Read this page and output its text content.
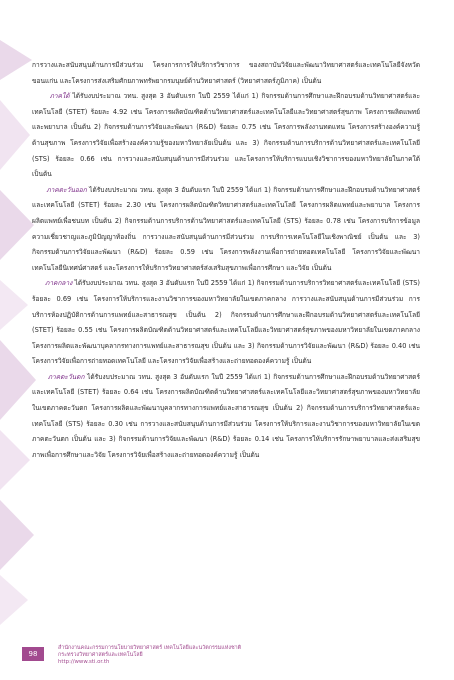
การวางและสนับสนุนด้านการมีส่วนร่วม โครงการการให้บริการวิชาการ ของสถาบันวิจัยและพัฒนาวิทยาศาสตร์และเทคโนโลยีจังหวัดขอนแก่น และโครงการส่งเสริมศักยภาพทรัพยากรมนุษย์ด้านวิทยาศาสตร์ (วิทยาศาสตร์ภูมิภาค) เป็นต้น

ภาคใต้ ได้รับงบประมาณ วทน. สูงสุด 3 อันดับแรก ในปี 2559 ได้แก่ 1) กิจกรรมด้านการศึกษาและฝึกอบรมด้านวิทยาศาสตร์และเทคโนโลยี (STET) ร้อยละ 4.92 เช่น โครงการผลิตบัณฑิตด้านวิทยาศาสตร์และเทคโนโลยีและวิทยาศาสตร์สุขภาพ โครงการผลิตแพทย์และพยาบาล เป็นต้น 2) กิจกรรมด้านการวิจัยและพัฒนา (R&D) ร้อยละ 0.75 เช่น โครงการพลังงานทดแทน โครงการสร้างองค์ความรู้ด้านสุขภาพ โครงการวิจัยเพื่อสร้างองค์ความรู้ของมหาวิทยาลัยเป็นต้น และ 3) กิจกรรมด้านการบริการด้านวิทยาศาสตร์และเทคโนโลยี (STS) ร้อยละ 0.66 เช่น การวางและสนับสนุนด้านการมีส่วนร่วม และโครงการให้บริการแบบเชิงวิชาการของมหาวิทยาลัยในภาคใต้ เป็นต้น

ภาคตะวันออก ได้รับงบประมาณ วทน. สูงสุด 3 อันดับแรก ในปี 2559 ได้แก่ 1) กิจกรรมด้านการศึกษาและฝึกอบรมด้านวิทยาศาสตร์และเทคโนโลยี (STET) ร้อยละ 2.30 เช่น โครงการผลิตบัณฑิตวิทยาศาสตร์และเทคโนโลยี โครงการผลิตแพทย์และพยาบาล โครงการผลิตแพทย์เพื่อชนบท เป็นต้น 2) กิจกรรมด้านการบริการด้านวิทยาศาสตร์และเทคโนโลยี (STS) ร้อยละ 0.78 เช่น โครงการบริการข้อมูลความเชี่ยวชาญและภูมิปัญญาท้องถิ่น การวางและสนับสนุนด้านการมีส่วนร่วม การบริการเทคโนโลยีในเชิงพาณิชย์ เป็นต้น และ 3) กิจกรรมด้านการวิจัยและพัฒนา (R&D) ร้อยละ 0.59 เช่น โครงการพลังงานเพื่อการถ่ายทอดเทคโนโลยี โครงการวิจัยและพัฒนาเทคโนโลยีนิเทศน์ศาสตร์ และโครงการให้บริการวิทยาศาสตร์ส่งเสริมสุขภาพเพื่อการศึกษา และวิจัย เป็นต้น

ภาคกลาง ได้รับงบประมาณ วทน. สูงสุด 3 อันดับแรก ในปี 2559 ได้แก่ 1) กิจกรรมด้านการบริการวิทยาศาสตร์และเทคโนโลยี (STS) ร้อยละ 0.69 เช่น โครงการให้บริการและงานวิชาการของมหาวิทยาลัยในเขตภาคกลาง การวางและสนับสนุนด้านการมีส่วนร่วม การบริการห้องปฏิบัติการด้านการแพทย์และสาธารณสุข เป็นต้น 2) กิจกรรมด้านการศึกษาและฝึกอบรมด้านวิทยาศาสตร์และเทคโนโลยี (STET) ร้อยละ 0.55 เช่น โครงการผลิตบัณฑิตด้านวิทยาศาสตร์และเทคโนโลยีและวิทยาศาสตร์สุขภาพของมหาวิทยาลัยในเขตภาคกลาง โครงการผลิตและพัฒนาบุคลากรทางการแพทย์และสาธารณสุข เป็นต้น และ 3) กิจกรรมด้านการวิจัยและพัฒนา (R&D) ร้อยละ 0.40 เช่น โครงการวิจัยเพื่อการถ่ายทอดเทคโนโลยี และโครงการวิจัยเพื่อสร้างและถ่ายทอดองค์ความรู้ เป็นต้น

ภาคตะวันตก ได้รับงบประมาณ วทน. สูงสุด 3 อันดับแรก ในปี 2559 ได้แก่ 1) กิจกรรมด้านการศึกษาและฝึกอบรมด้านวิทยาศาสตร์และเทคโนโลยี (STET) ร้อยละ 0.64 เช่น โครงการผลิตบัณฑิตด้านวิทยาศาสตร์และเทคโนโลยีและวิทยาศาสตร์สุขภาพของมหาวิทยาลัยในเขตภาคตะวันตก โครงการผลิตและพัฒนาบุคลากรทางการแพทย์และสาธารณสุข เป็นต้น 2) กิจกรรมด้านการบริการวิทยาศาสตร์และเทคโนโลยี (STS) ร้อยละ 0.30 เช่น การวางและสนับสนุนด้านการมีส่วนร่วม โครงการให้บริการและงานวิชาการของมหาวิทยาลัยในเขตภาคตะวันตก เป็นต้น และ 3) กิจกรรมด้านการวิจัยและพัฒนา (R&D) ร้อยละ 0.14 เช่น โครงการให้บริการรักษาพยาบาลและส่งเสริมสุขภาพเพื่อการศึกษาและวิจัย โครงการวิจัยเพื่อสร้างและถ่ายทอดองค์ความรู้ เป็นต้น

98
สำนักงานคณะกรรมการนโยบายวิทยาศาสตร์ เทคโนโลยีและนวัตกรรมแห่งชาติ
กระทรวงวิทยาศาสตร์และเทคโนโลยี
http://www.sti.or.th
